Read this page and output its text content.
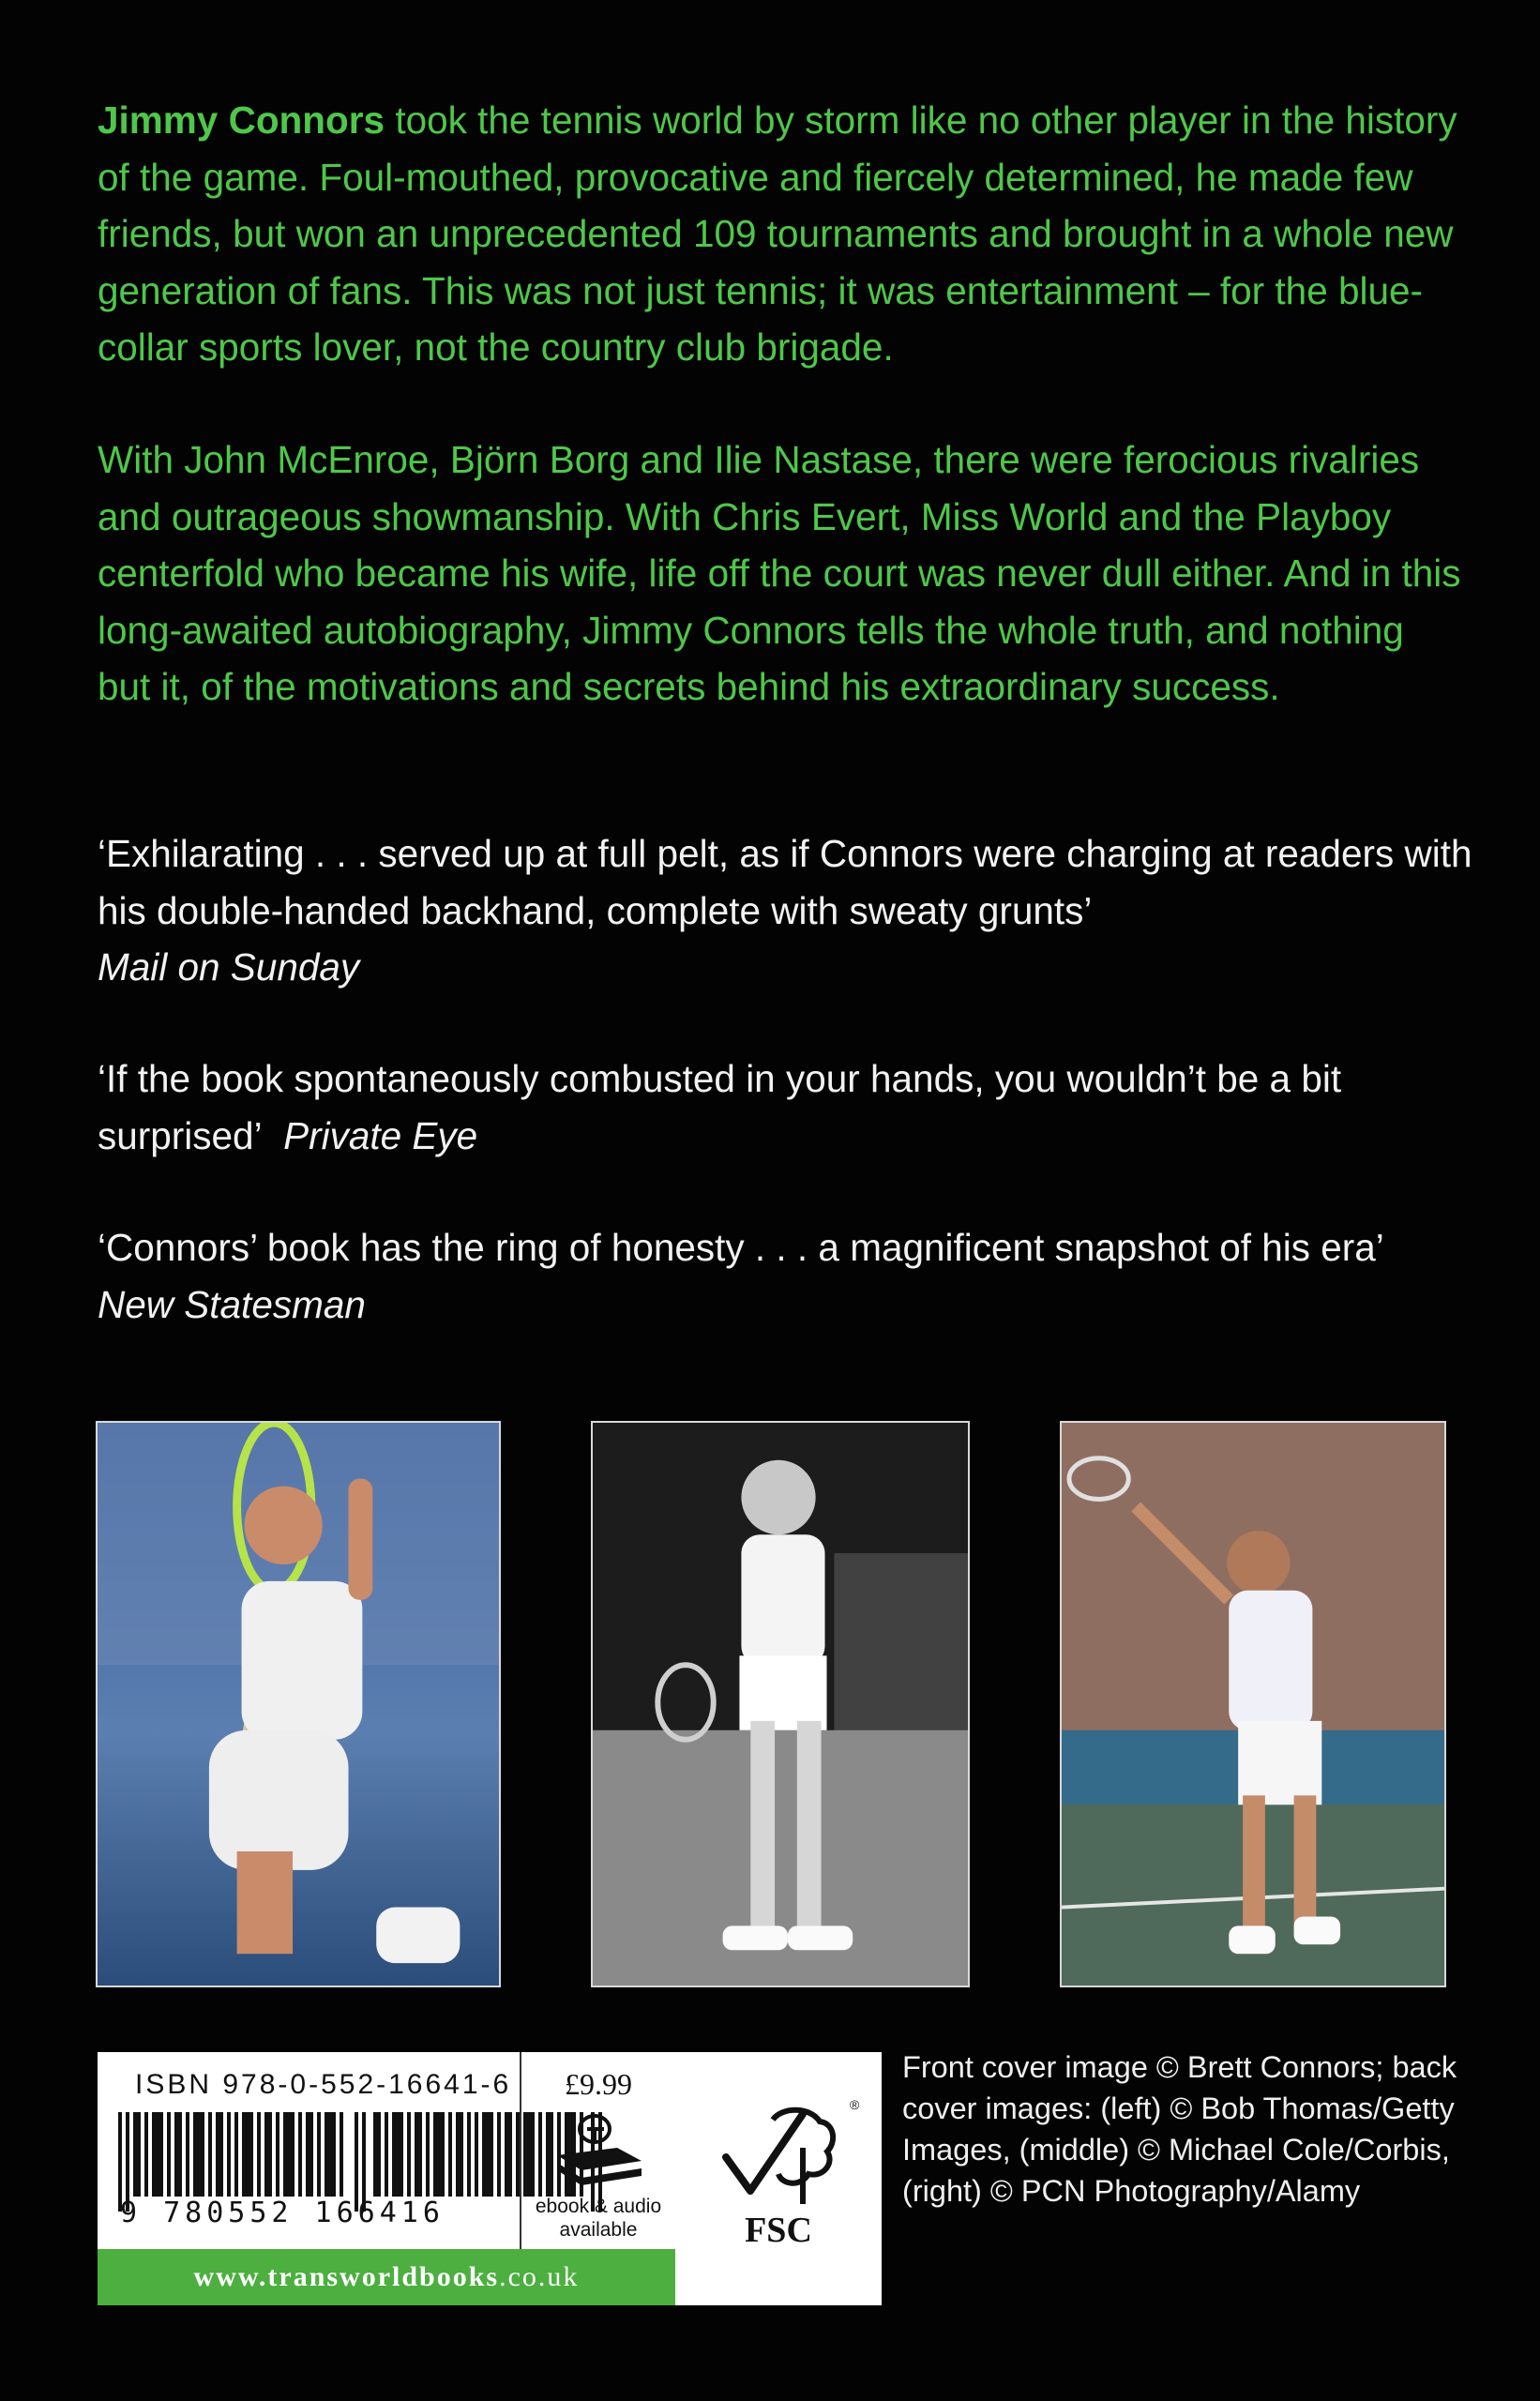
Jimmy Connors took the tennis world by storm like no other player in the history of the game. Foul-mouthed, provocative and fiercely determined, he made few friends, but won an unprecedented 109 tournaments and brought in a whole new generation of fans. This was not just tennis; it was entertainment – for the blue-collar sports lover, not the country club brigade.

With John McEnroe, Björn Borg and Ilie Nastase, there were ferocious rivalries and outrageous showmanship. With Chris Evert, Miss World and the Playboy centerfold who became his wife, life off the court was never dull either. And in this long-awaited autobiography, Jimmy Connors tells the whole truth, and nothing but it, of the motivations and secrets behind his extraordinary success.

‘Exhilarating . . . served up at full pelt, as if Connors were charging at readers with his double-handed backhand, complete with sweaty grunts’
Mail on Sunday

‘If the book spontaneously combusted in your hands, you wouldn’t be a bit surprised’ Private Eye

‘Connors’ book has the ring of honesty . . . a magnificent snapshot of his era’
New Statesman

ISBN 978-0-552-16641-6
9 780552 166416
£9.99
ebook & audio
available
www.transworldbooks.co.uk
®
FSC

Front cover image © Brett Connors; back cover images: (left) © Bob Thomas/Getty Images, (middle) © Michael Cole/Corbis, (right) © PCN Photography/Alamy
